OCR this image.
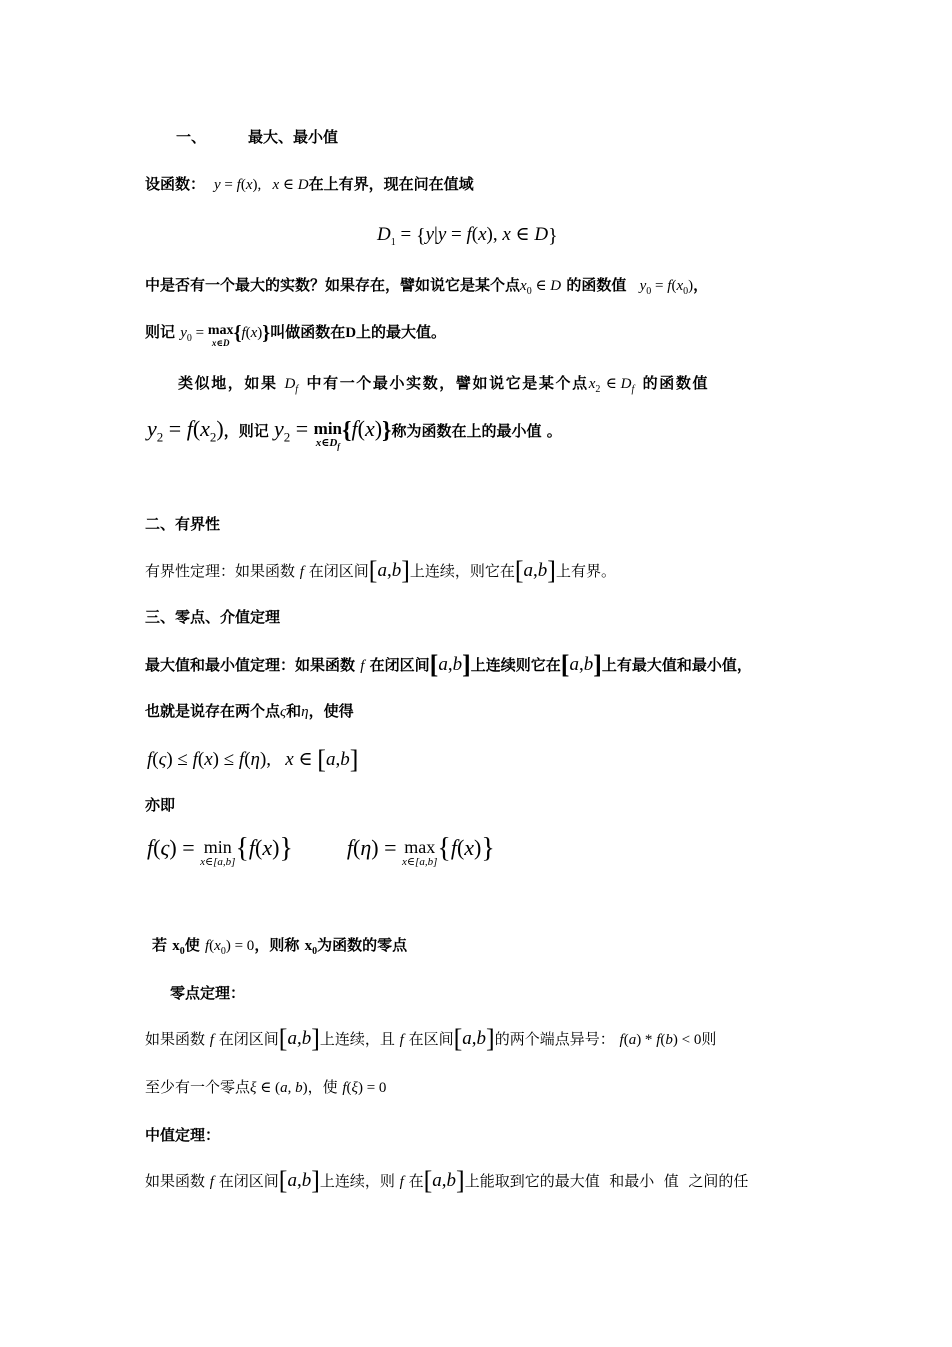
一、	最大、最小值
设函数：  y = f(x),   x ∈ D在上有界，现在问在值域
$D_1 = \{y|y = f(x)$, x ∈ D}
中是否有一个最大的实数？如果存在，譬如说它是某个点$x_0$ ∈ D 的函数值 $y_0 = f(x_0)$，
则记 $y_0 = \max$
x∈D {f(x)}叫做函数在D上的最大值。
类似地，如果 $D_f$ 中有一个最小实数，譬如说它是某个点$x_2$ ∈ $D_f$ 的函数值
$y_2 = f(x_2)$，则记 $y_2 = \min$
$x\in D_f$
{f(x)}称为函数在上的最小值 。
二、有界性
有界性定理：如果函数 f 在闭区间[a,b]上连续，则它在[a,b]上有界。
三、零点、介值定理
最大值和最小值定理：如果函数 f 在闭区间[a,b]上连续则它在[a,b]上有最大值和最小值，
也就是说存在两个点ς和η，使得
f(ς) ≤ f(x) ≤ f(η),   x ∈ [a,b]
亦即
f(ς) = min
x∈[a,b] {f(x)} f(η) = max
x∈[a,b] {f(x)}
若 $x_0$使 $f(x_0) = 0$，则称 $x_0$为函数的零点
零点定理：
如果函数 f 在闭区间[a,b]上连续，且 f 在区间[a,b]的两个端点异号： f(a) * f(b) < 0则
至少有一个零点ξ ∈ (a, b)，使 f(ξ) = 0
中值定理：
如果函数 f 在闭区间[a,b]上连续，则 f 在[a,b]上能取到它的最大值  和最小  值  之间的任
